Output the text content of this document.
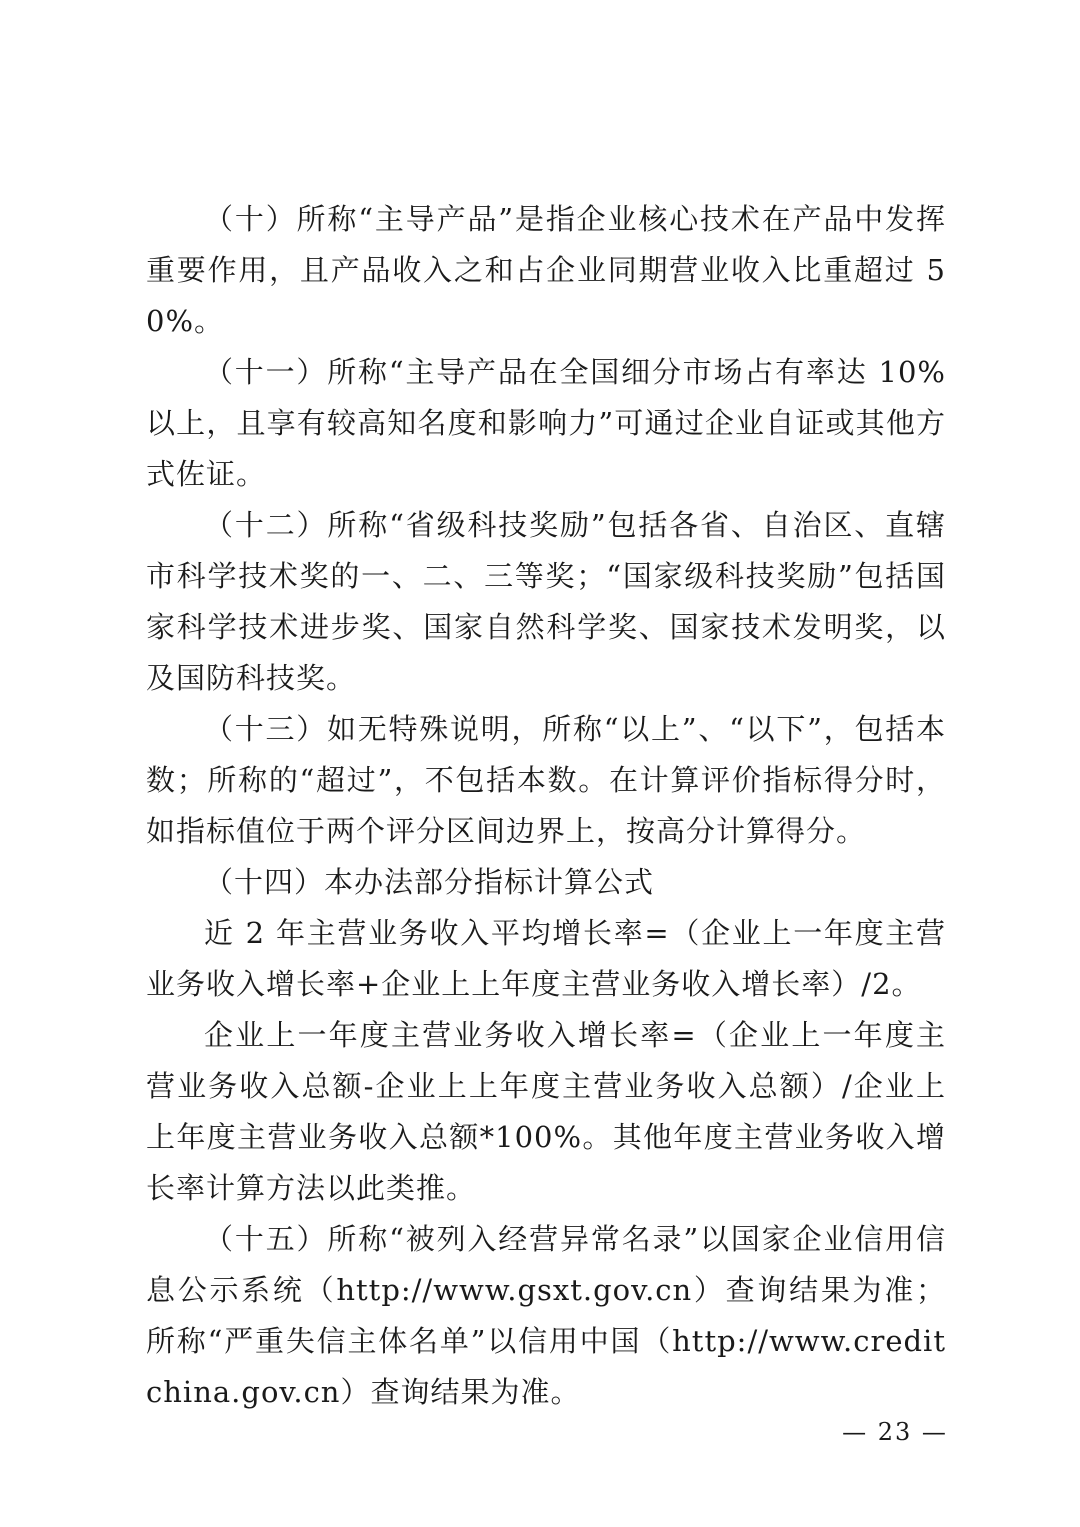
（十）所称“主导产品”是指企业核心技术在产品中发挥重要作用，且产品收入之和占企业同期营业收入比重超过 50%。

（十一）所称“主导产品在全国细分市场占有率达 10%以上，且享有较高知名度和影响力”可通过企业自证或其他方式佐证。

（十二）所称“省级科技奖励”包括各省、自治区、直辖市科学技术奖的一、二、三等奖；“国家级科技奖励”包括国家科学技术进步奖、国家自然科学奖、国家技术发明奖，以及国防科技奖。

（十三）如无特殊说明，所称“以上”、“以下”，包括本数；所称的“超过”，不包括本数。在计算评价指标得分时，如指标值位于两个评分区间边界上，按高分计算得分。

（十四）本办法部分指标计算公式

近 2 年主营业务收入平均增长率=（企业上一年度主营业务收入增长率+企业上上年度主营业务收入增长率）/2。

企业上一年度主营业务收入增长率=（企业上一年度主营业务收入总额-企业上上年度主营业务收入总额）/企业上上年度主营业务收入总额*100%。其他年度主营业务收入增长率计算方法以此类推。

（十五）所称“被列入经营异常名录”以国家企业信用信息公示系统（http://www.gsxt.gov.cn）查询结果为准；所称“严重失信主体名单”以信用中国（http://www.creditchina.gov.cn）查询结果为准。

— 23 —
